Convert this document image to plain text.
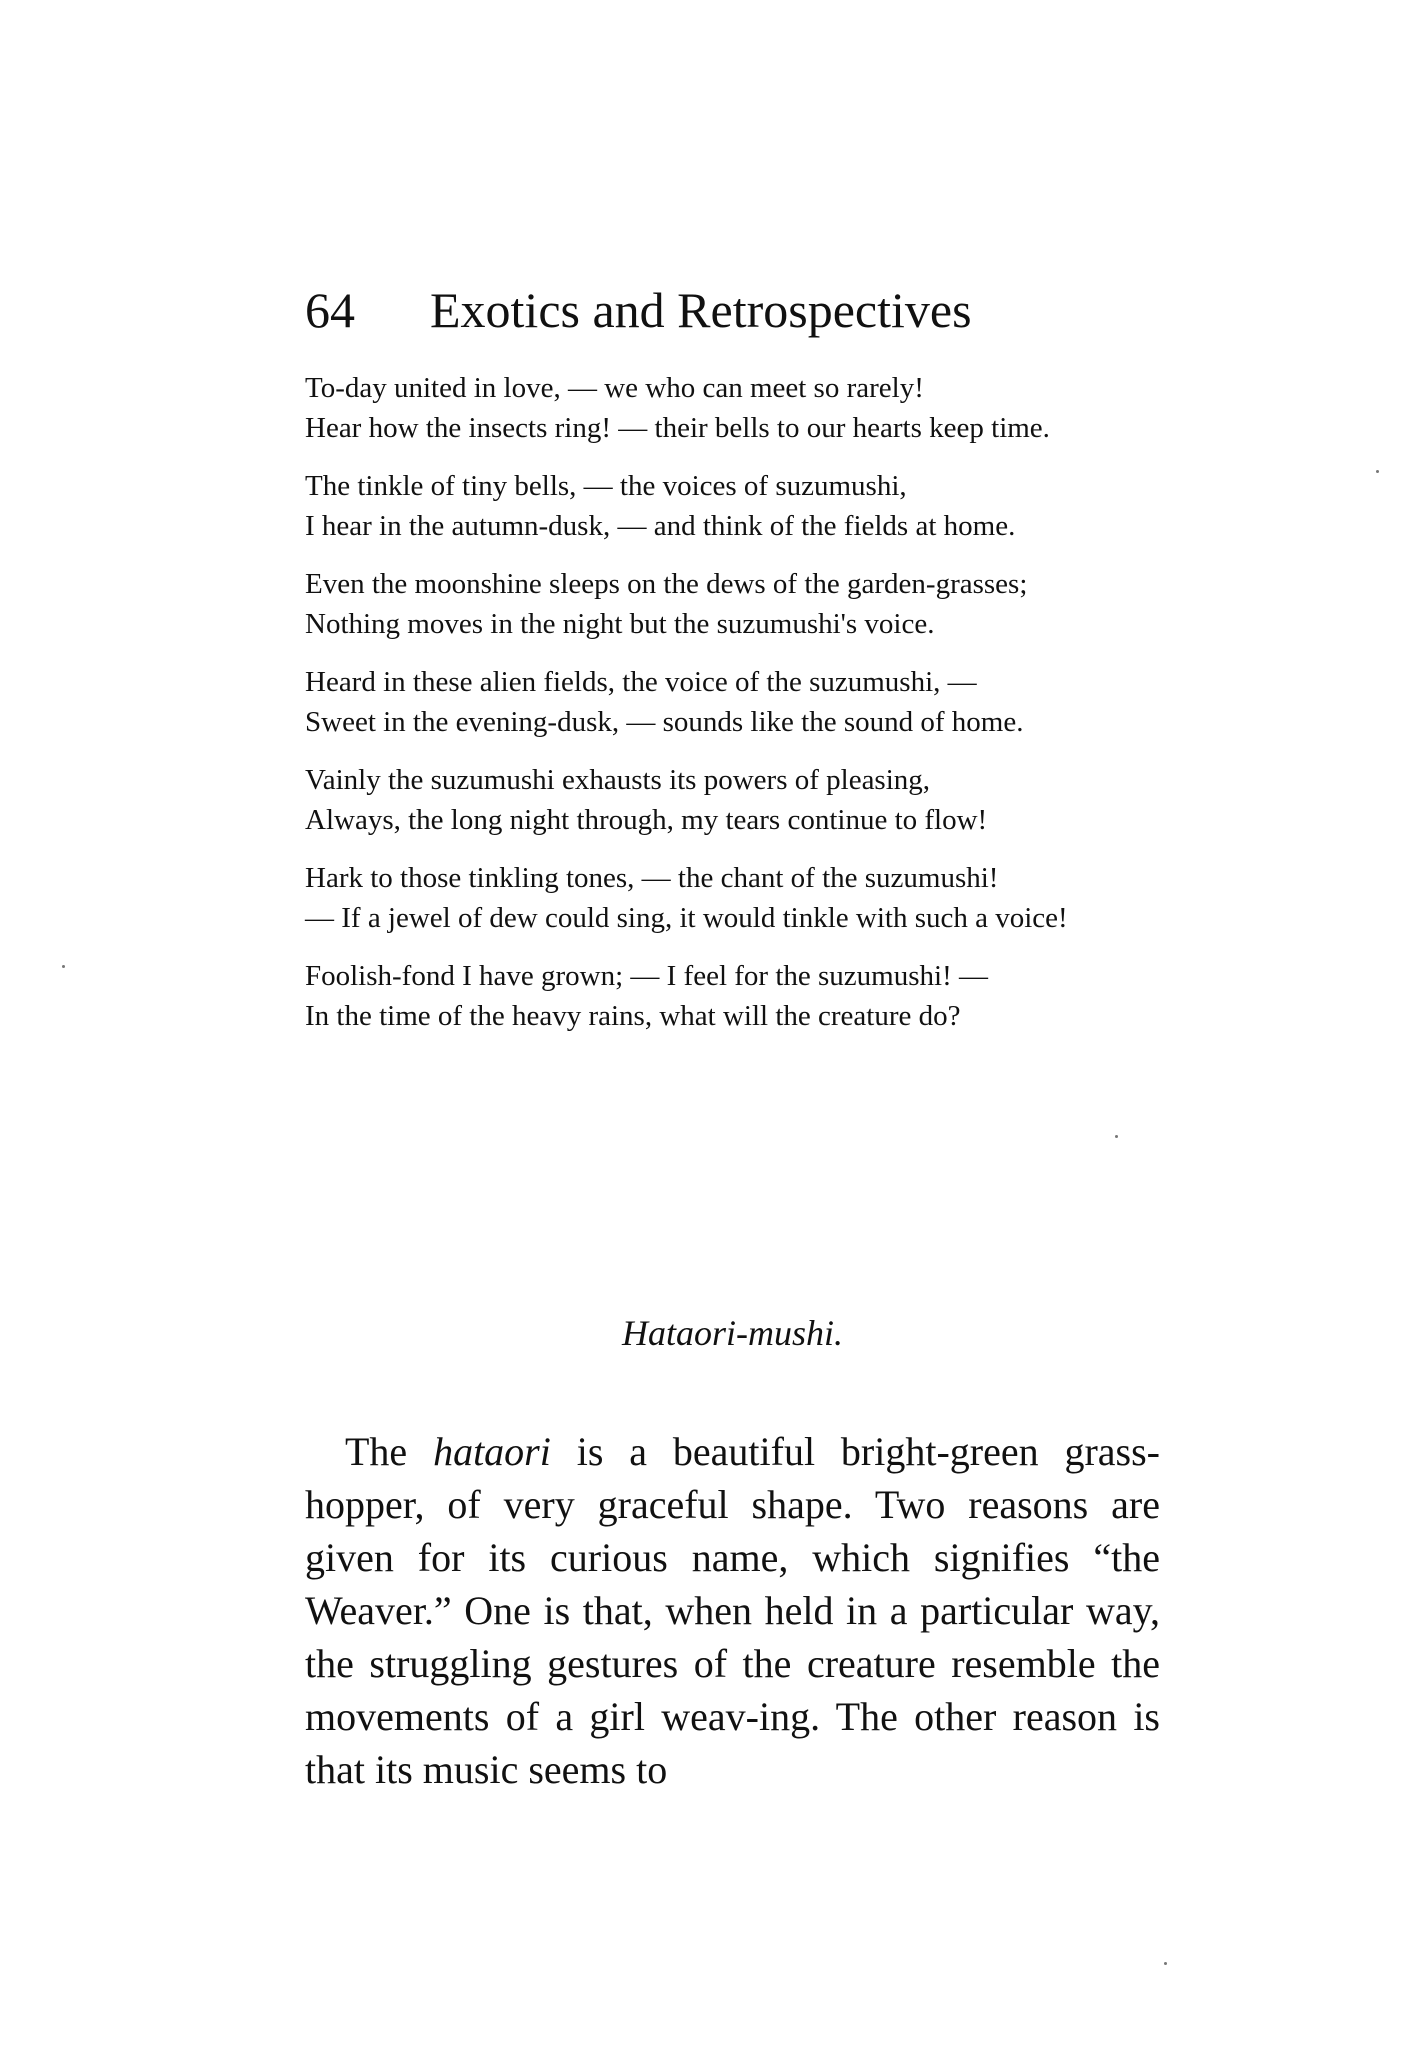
64 Exotics and Retrospectives
To-day united in love, — we who can meet so rarely!
Hear how the insects ring! — their bells to our hearts keep time.
The tinkle of tiny bells, — the voices of suzumushi,
I hear in the autumn-dusk, — and think of the fields at home.
Even the moonshine sleeps on the dews of the garden-grasses;
Nothing moves in the night but the suzumushi's voice.
Heard in these alien fields, the voice of the suzumushi, —
Sweet in the evening-dusk, — sounds like the sound of home.
Vainly the suzumushi exhausts its powers of pleasing,
Always, the long night through, my tears continue to flow!
Hark to those tinkling tones, — the chant of the suzumushi!
— If a jewel of dew could sing, it would tinkle with such a voice!
Foolish-fond I have grown; — I feel for the suzumushi! —
In the time of the heavy rains, what will the creature do?
Hataori-mushi.

The hataori is a beautiful bright-green grass-hopper, of very graceful shape. Two reasons are given for its curious name, which signifies “the Weaver.” One is that, when held in a particular way, the struggling gestures of the creature resemble the movements of a girl weav-ing. The other reason is that its music seems to
